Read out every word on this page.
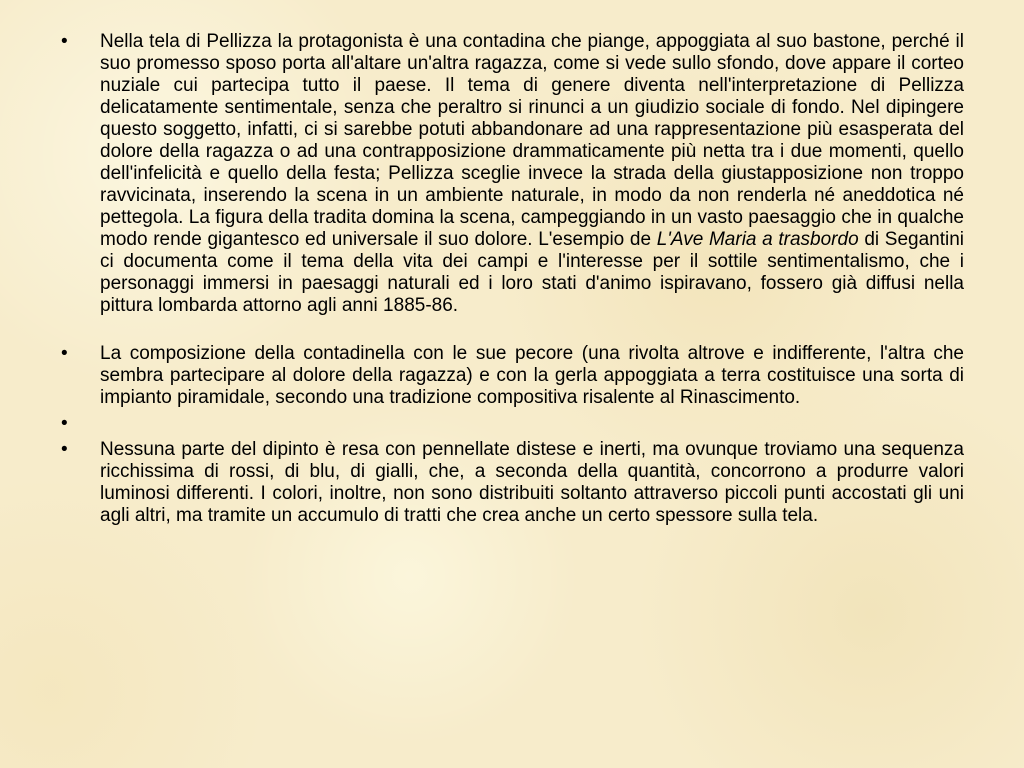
•	Nella tela di Pellizza la protagonista è una contadina che piange, appoggiata al suo bastone, perché il suo promesso sposo porta all'altare un'altra ragazza, come si vede sullo sfondo, dove appare il corteo nuziale cui partecipa tutto il paese. Il tema di genere diventa nell'interpretazione di Pellizza delicatamente sentimentale, senza che peraltro si rinunci a un giudizio sociale di fondo. Nel dipingere questo soggetto, infatti, ci si sarebbe potuti abbandonare ad una rappresentazione più esasperata del dolore della ragazza o ad una contrapposizione drammaticamente più netta tra i due momenti, quello dell'infelicità e quello della festa; Pellizza sceglie invece la strada della giustapposizione non troppo ravvicinata, inserendo la scena in un ambiente naturale, in modo da non renderla né aneddotica né pettegola. La figura della tradita domina la scena, campeggiando in un vasto paesaggio che in qualche modo rende gigantesco ed universale il suo dolore. L'esempio de L'Ave Maria a trasbordo di Segantini ci documenta come il tema della vita dei campi e l'interesse per il sottile sentimentalismo, che i personaggi immersi in paesaggi naturali ed i loro stati d'animo ispiravano, fossero già diffusi nella pittura lombarda attorno agli anni 1885-86.
•	La composizione della contadinella con le sue pecore (una rivolta altrove e indifferente, l'altra che sembra partecipare al dolore della ragazza) e con la gerla appoggiata a terra costituisce una sorta di impianto piramidale, secondo una tradizione compositiva risalente al Rinascimento.
•

•	Nessuna parte del dipinto è resa con pennellate distese e inerti, ma ovunque troviamo una sequenza ricchissima di rossi, di blu, di gialli, che, a seconda della quantità, concorrono a produrre valori luminosi differenti. I colori, inoltre, non sono distribuiti soltanto attraverso piccoli punti accostati gli uni agli altri, ma tramite un accumulo di tratti che crea anche un certo spessore sulla tela.
